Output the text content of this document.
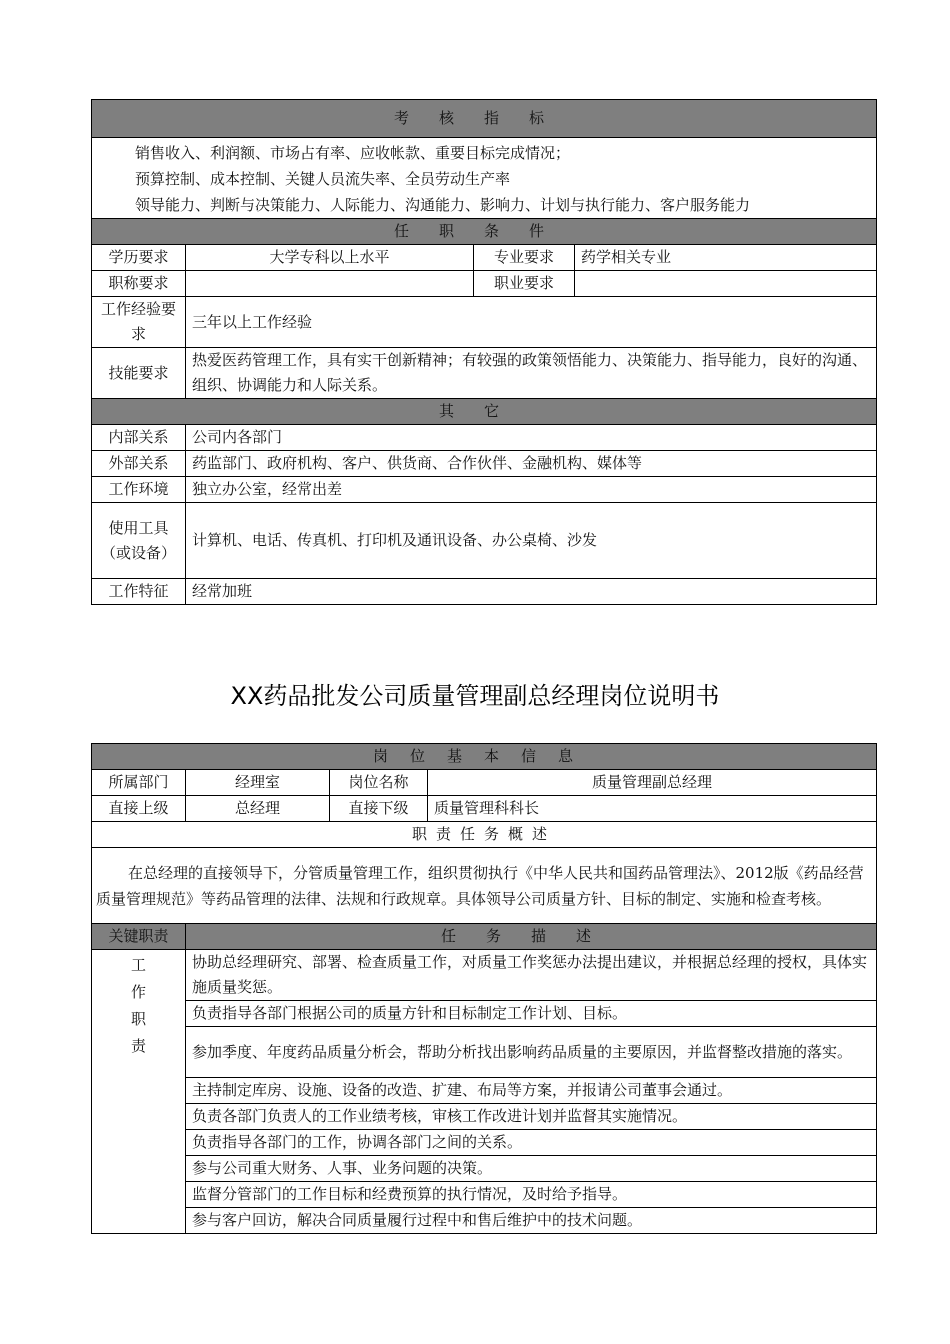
考核指标			

销售收入、利润额、市场占有率、应收帐款、重要目标完成情况；
预算控制、成本控制、关键人员流失率、全员劳动生产率
领导能力、判断与决策能力、人际能力、沟通能力、影响力、计划与执行能力、客户服务能力			

任职条件			
学历要求	大学专科以上水平	专业要求	药学相关专业
职称要求		职业要求	
工作经验要求	三年以上工作经验		
技能要求	热爱医药管理工作，具有实干创新精神；有较强的政策领悟能力、决策能力、指导能力，良好的沟通、组织、协调能力和人际关系。		
其它			
内部关系	公司内各部门		
外部关系	药监部门、政府机构、客户、供货商、合作伙伴、金融机构、媒体等		
工作环境	独立办公室，经常出差		
使用工具（或设备）	计算机、电话、传真机、打印机及通讯设备、办公桌椅、沙发		
工作特征	经常加班		
XX药品批发公司质量管理副总经理岗位说明书
岗位基本信息			
所属部门	经理室	岗位名称	质量管理副总经理
直接上级	总经理	直接下级	质量管理科科长
职责任务概述			
在总经理的直接领导下，分管质量管理工作，组织贯彻执行《中华人民共和国药品管理法》、2012版《药品经营质量管理规范》等药品管理的法律、法规和行政规章。具体领导公司质量方针、目标的制定、实施和检查考核。			
关键职责	任务描述		

工
作
职
责	协助总经理研究、部署、检查质量工作，对质量工作奖惩办法提出建议，并根据总经理的授权，具体实施质量奖惩。		
	负责指导各部门根据公司的质量方针和目标制定工作计划、目标。		
	参加季度、年度药品质量分析会，帮助分析找出影响药品质量的主要原因，并监督整改措施的落实。		
	主持制定库房、设施、设备的改造、扩建、布局等方案，并报请公司董事会通过。		
	负责各部门负责人的工作业绩考核，审核工作改进计划并监督其实施情况。		
	负责指导各部门的工作，协调各部门之间的关系。		
	参与公司重大财务、人事、业务问题的决策。		
	监督分管部门的工作目标和经费预算的执行情况，及时给予指导。		
	参与客户回访，解决合同质量履行过程中和售后维护中的技术问题。		
